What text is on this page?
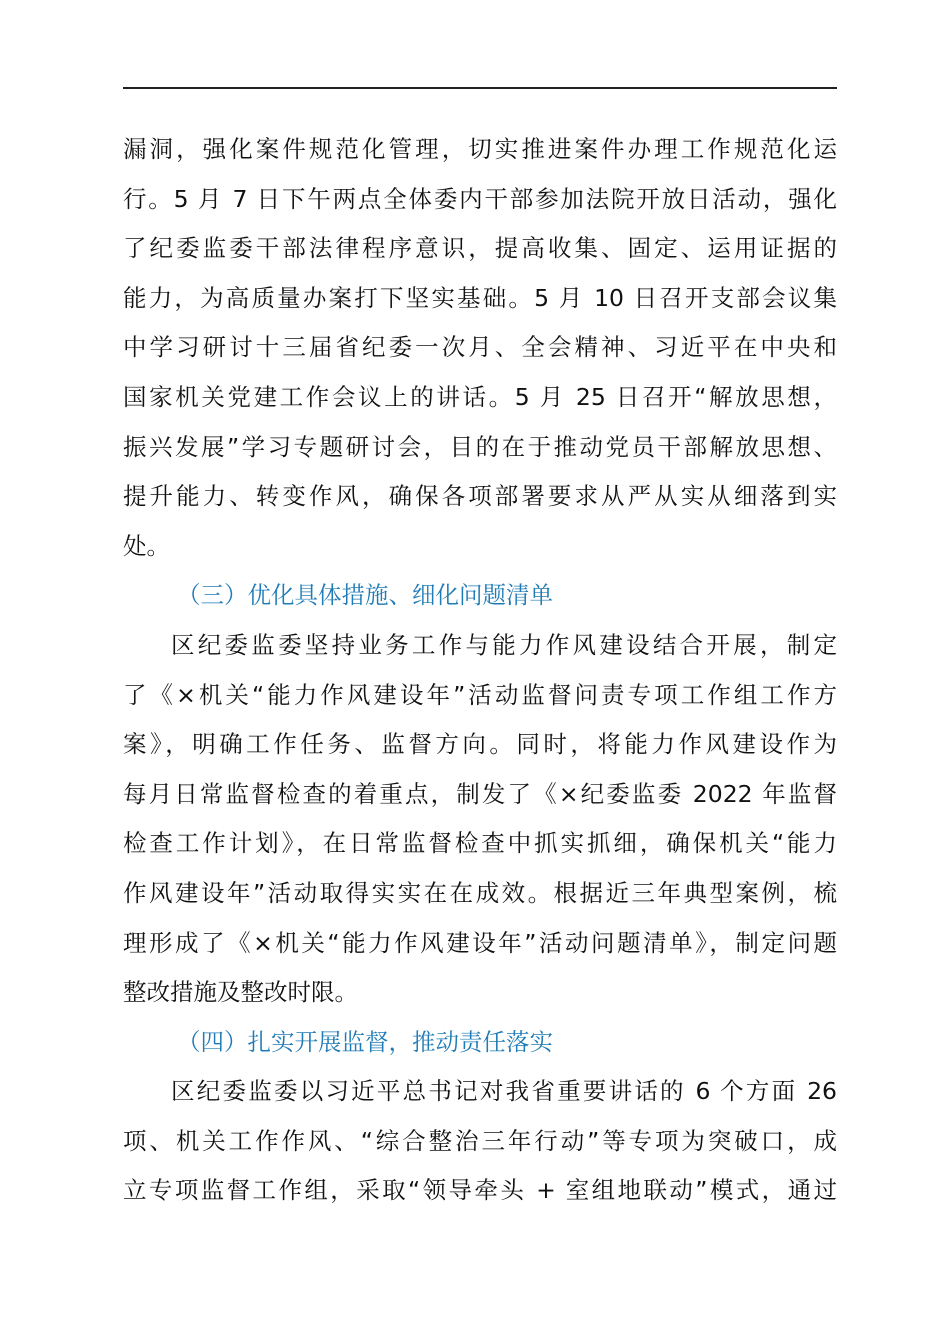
漏洞，强化案件规范化管理，切实推进案件办理工作规范化运
行。5 月 7 日下午两点全体委内干部参加法院开放日活动，强化
了纪委监委干部法律程序意识，提高收集、固定、运用证据的
能力，为高质量办案打下坚实基础。5 月 10 日召开支部会议集
中学习研讨十三届省纪委一次月、全会精神、习近平在中央和
国家机关党建工作会议上的讲话。5 月 25 日召开“解放思想，
振兴发展”学习专题研讨会，目的在于推动党员干部解放思想、
提升能力、转变作风，确保各项部署要求从严从实从细落到实
处。
（三）优化具体措施、细化问题清单
区纪委监委坚持业务工作与能力作风建设结合开展，制定
了《×机关“能力作风建设年”活动监督问责专项工作组工作方
案》，明确工作任务、监督方向。同时，将能力作风建设作为
每月日常监督检查的着重点，制发了《×纪委监委 2022 年监督
检查工作计划》，在日常监督检查中抓实抓细，确保机关“能力
作风建设年”活动取得实实在在成效。根据近三年典型案例，梳
理形成了《×机关“能力作风建设年”活动问题清单》，制定问题
整改措施及整改时限。
（四）扎实开展监督，推动责任落实
区纪委监委以习近平总书记对我省重要讲话的 6 个方面 26
项、机关工作作风、“综合整治三年行动”等专项为突破口，成
立专项监督工作组，采取“领导牵头 + 室组地联动”模式，通过
